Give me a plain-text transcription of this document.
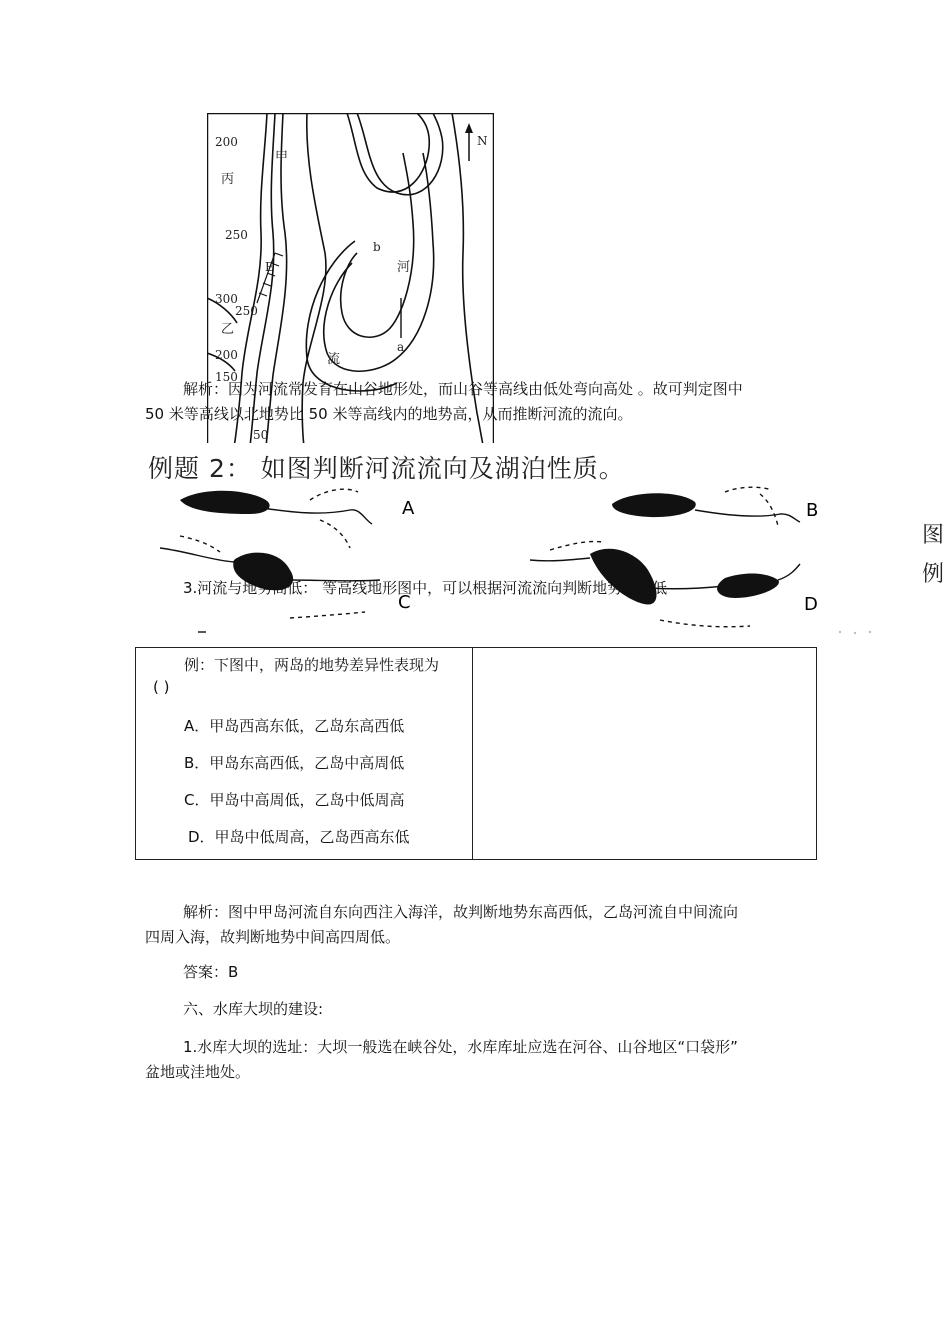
200
丙
甲
250
E
300
250
乙
200
150
50
b
河
流
a
N
解析：因为河流常发育在山谷地形处，而山谷等高线由低处弯向高处 。故可判定图中
50 米等高线以北地势比 50 米等高线内的地势高，从而推断河流的流向。
例题 2： 如图判断河流流向及湖泊性质。
A	B
C	D
图
例
3.河流与地势高低： 等高线地形图中，可以根据河流流向判断地势的高低
例：下图中，两岛的地势差异性表现为
( )
A．甲岛西高东低，乙岛东高西低
B．甲岛东高西低，乙岛中高周低
C．甲岛中高周低，乙岛中低周高
D．甲岛中低周高，乙岛西高东低

解析：图中甲岛河流自东向西注入海洋，故判断地势东高西低，乙岛河流自中间流向
四周入海，故判断地势中间高四周低。
答案：B
六、水库大坝的建设:
1.水库大坝的选址：大坝一般选在峡谷处，水库库址应选在河谷、山谷地区“口袋形”
盆地或洼地处。
